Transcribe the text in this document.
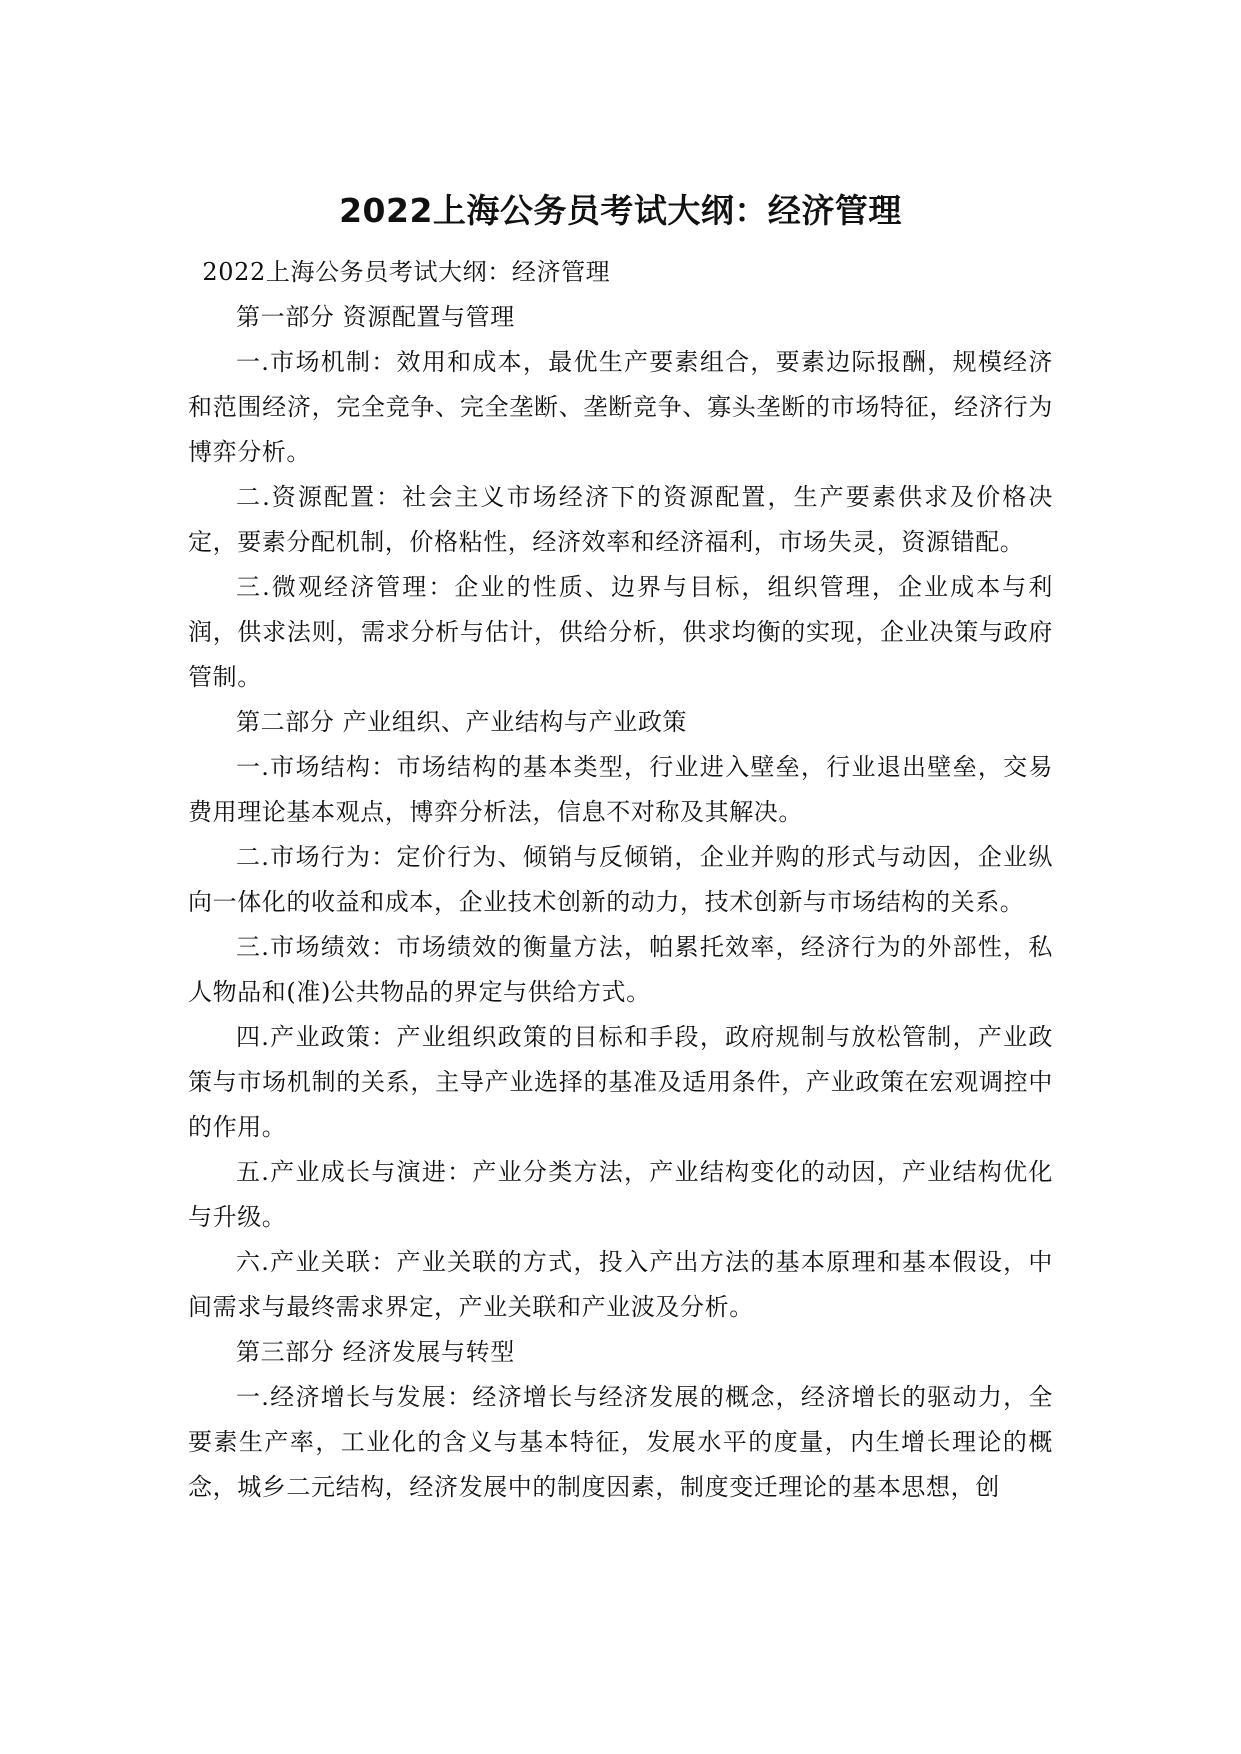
2022上海公务员考试大纲：经济管理

2022上海公务员考试大纲：经济管理

第一部分 资源配置与管理

一.市场机制：效用和成本，最优生产要素组合，要素边际报酬，规模经济和范围经济，完全竞争、完全垄断、垄断竞争、寡头垄断的市场特征，经济行为博弈分析。

二.资源配置：社会主义市场经济下的资源配置，生产要素供求及价格决定，要素分配机制，价格粘性，经济效率和经济福利，市场失灵，资源错配。

三.微观经济管理：企业的性质、边界与目标，组织管理，企业成本与利润，供求法则，需求分析与估计，供给分析，供求均衡的实现，企业决策与政府管制。

第二部分 产业组织、产业结构与产业政策

一.市场结构：市场结构的基本类型，行业进入壁垒，行业退出壁垒，交易费用理论基本观点，博弈分析法，信息不对称及其解决。

二.市场行为：定价行为、倾销与反倾销，企业并购的形式与动因，企业纵向一体化的收益和成本，企业技术创新的动力，技术创新与市场结构的关系。

三.市场绩效：市场绩效的衡量方法，帕累托效率，经济行为的外部性，私人物品和(准)公共物品的界定与供给方式。

四.产业政策：产业组织政策的目标和手段，政府规制与放松管制，产业政策与市场机制的关系，主导产业选择的基准及适用条件，产业政策在宏观调控中的作用。

五.产业成长与演进：产业分类方法，产业结构变化的动因，产业结构优化与升级。

六.产业关联：产业关联的方式，投入产出方法的基本原理和基本假设，中间需求与最终需求界定，产业关联和产业波及分析。

第三部分 经济发展与转型

一.经济增长与发展：经济增长与经济发展的概念，经济增长的驱动力，全要素生产率，工业化的含义与基本特征，发展水平的度量，内生增长理论的概念，城乡二元结构，经济发展中的制度因素，制度变迁理论的基本思想，创
